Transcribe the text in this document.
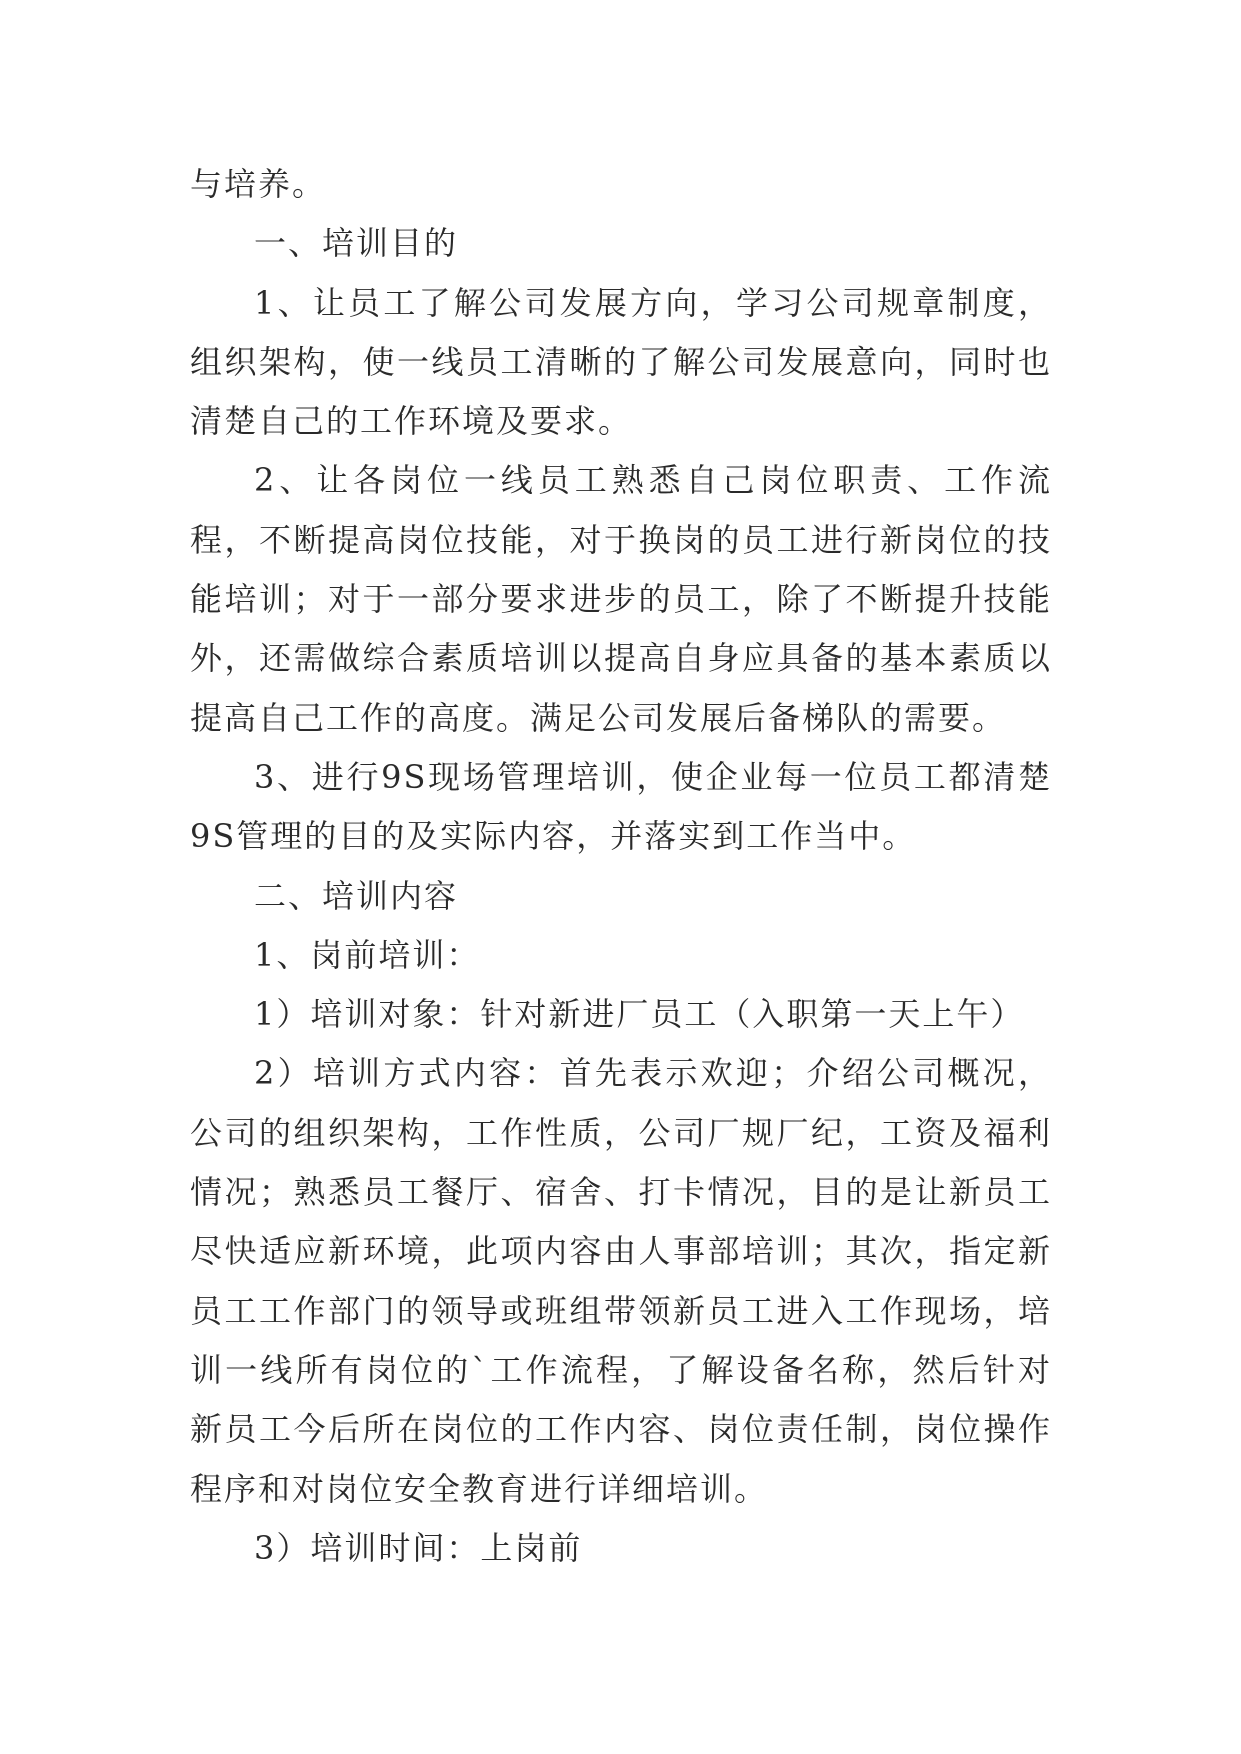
与培养。

一、培训目的

1、让员工了解公司发展方向，学习公司规章制度，组织架构，使一线员工清晰的了解公司发展意向，同时也清楚自己的工作环境及要求。

2、让各岗位一线员工熟悉自己岗位职责、工作流程，不断提高岗位技能，对于换岗的员工进行新岗位的技能培训；对于一部分要求进步的员工，除了不断提升技能外，还需做综合素质培训以提高自身应具备的基本素质以提高自己工作的高度。满足公司发展后备梯队的需要。

3、进行9S现场管理培训，使企业每一位员工都清楚9S管理的目的及实际内容，并落实到工作当中。

二、培训内容

1、岗前培训：

1）培训对象：针对新进厂员工（入职第一天上午）

2）培训方式内容：首先表示欢迎；介绍公司概况，公司的组织架构，工作性质，公司厂规厂纪，工资及福利情况；熟悉员工餐厅、宿舍、打卡情况，目的是让新员工尽快适应新环境，此项内容由人事部培训；其次，指定新员工工作部门的领导或班组带领新员工进入工作现场，培训一线所有岗位的`工作流程，了解设备名称，然后针对新员工今后所在岗位的工作内容、岗位责任制，岗位操作程序和对岗位安全教育进行详细培训。

3）培训时间：上岗前
